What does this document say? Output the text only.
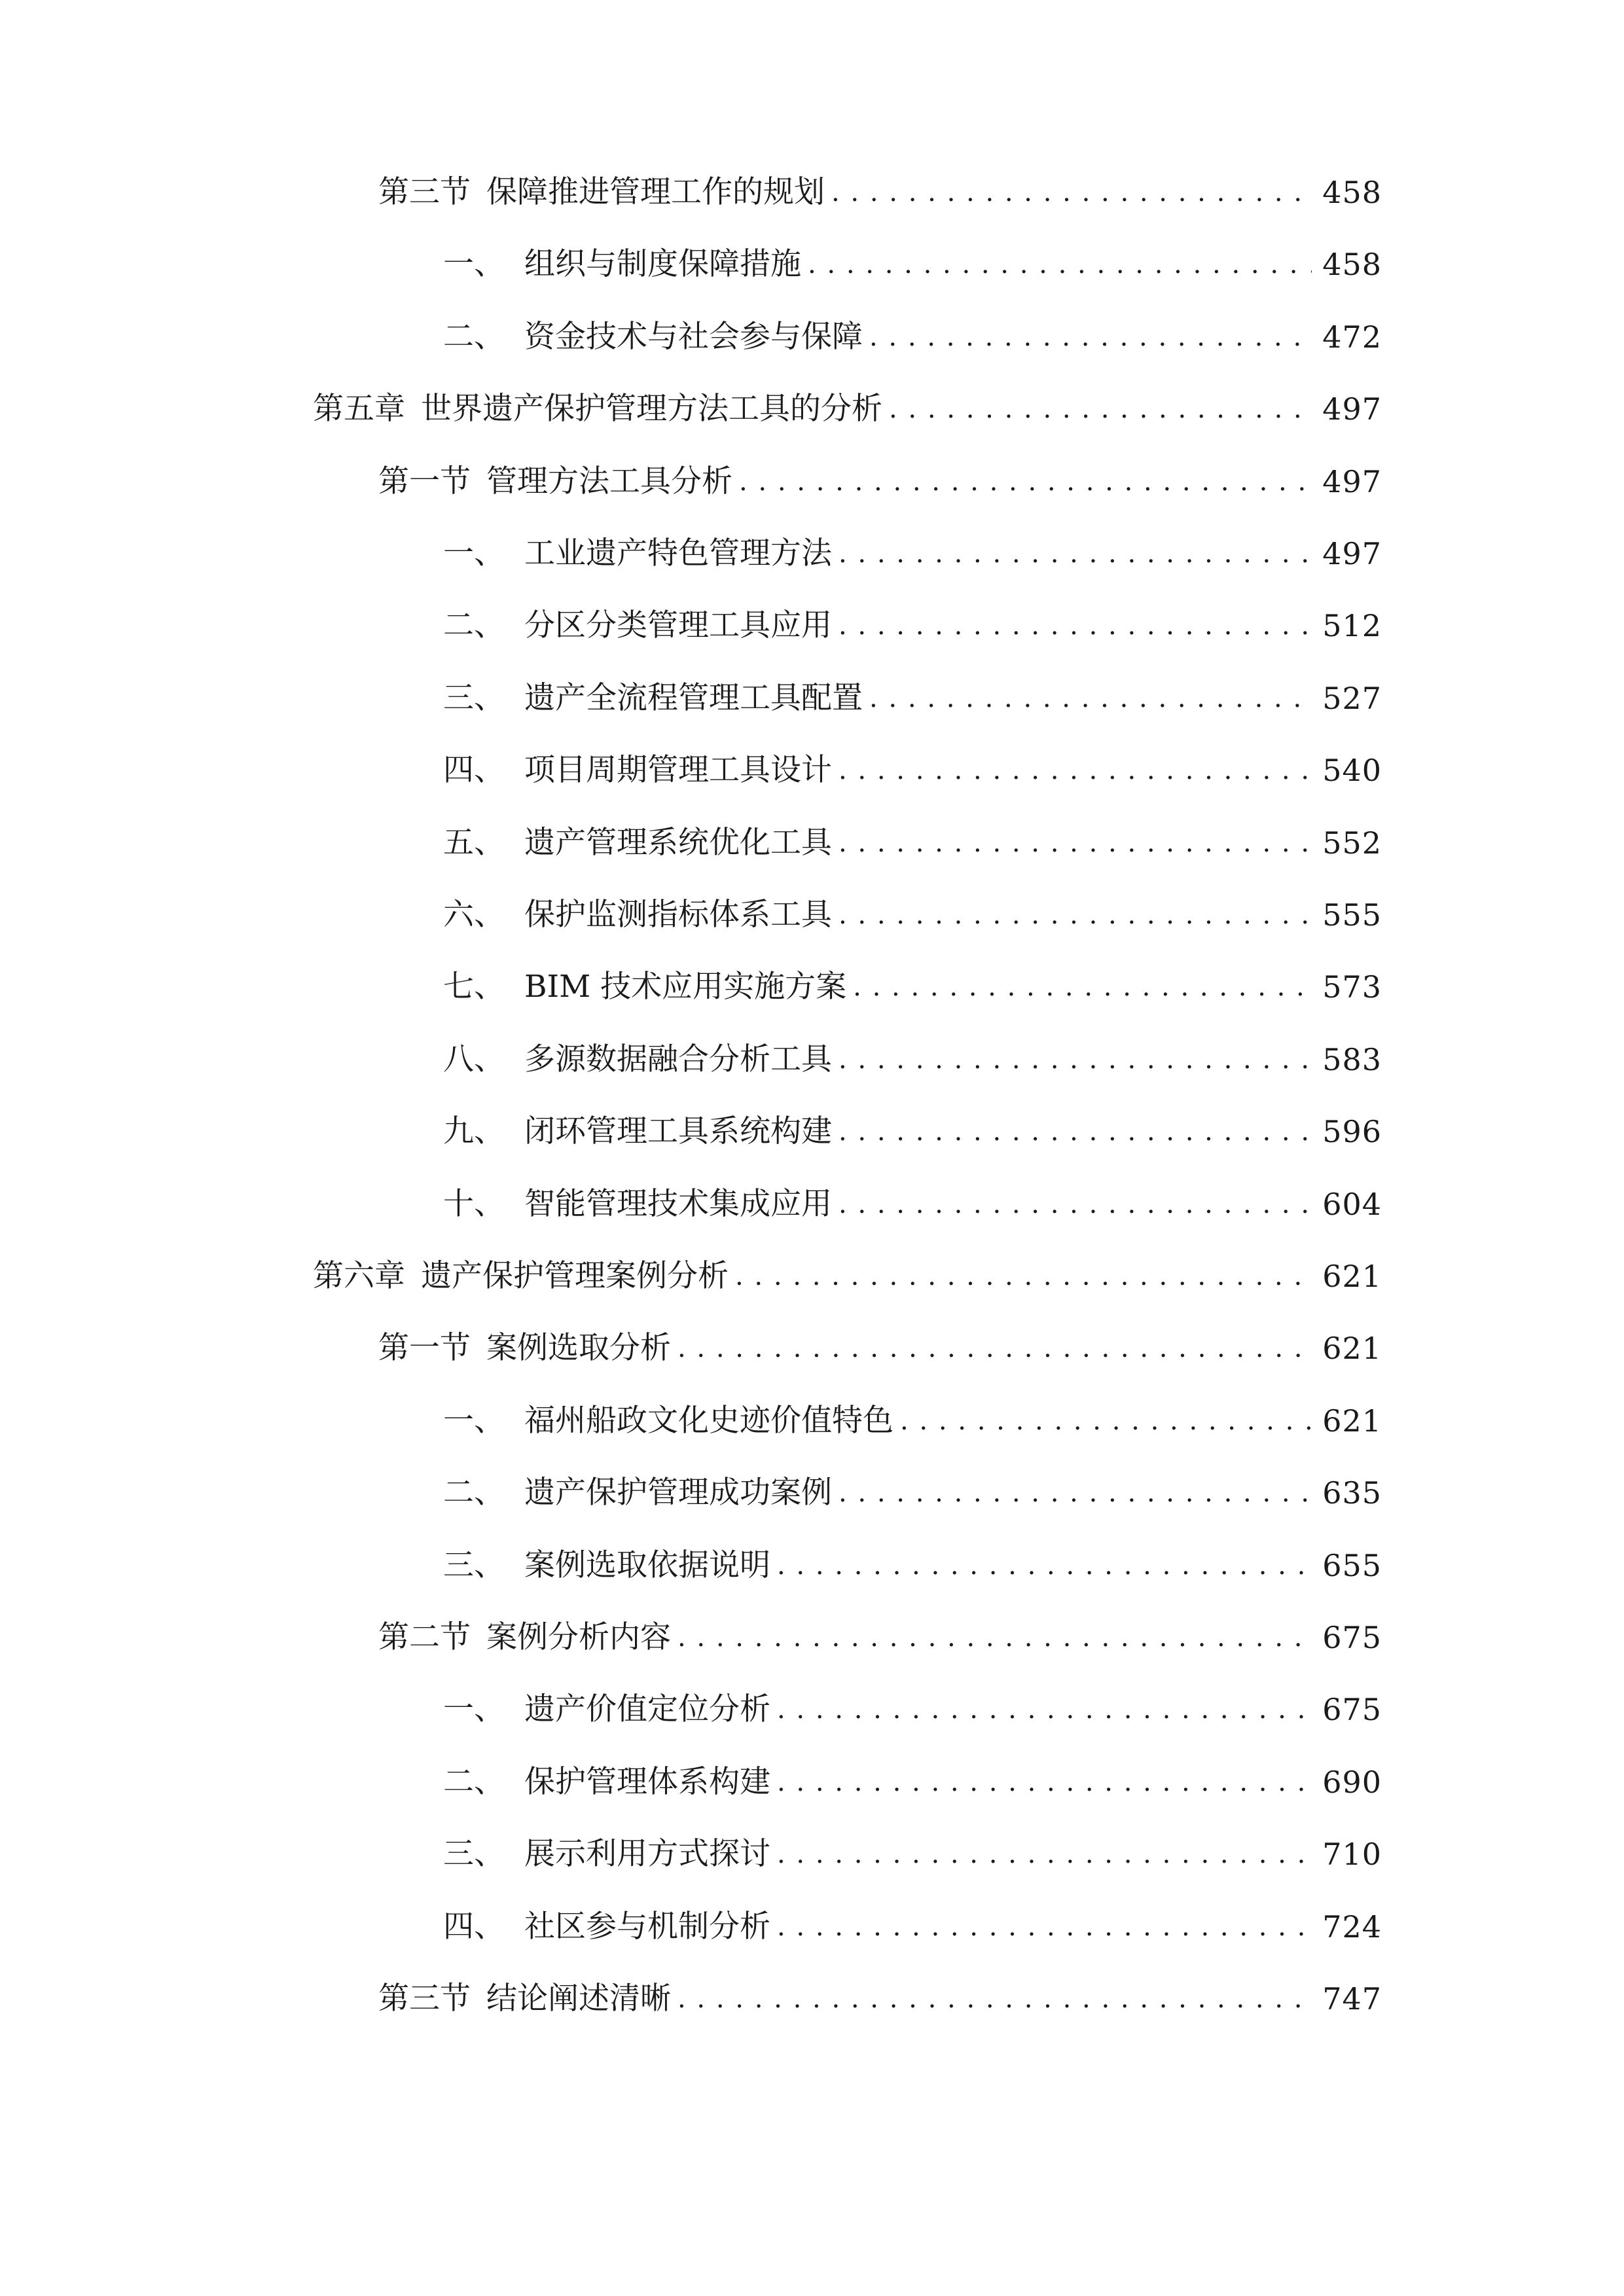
第三节 保障推进管理工作的规划 . . .	458
一、 组织与制度保障措施 . . .	458
二、 资金技术与社会参与保障 . . .	472
第五章 世界遗产保护管理方法工具的分析 . . .	497
第一节 管理方法工具分析 . . .	497
一、 工业遗产特色管理方法 . . .	497
二、 分区分类管理工具应用 . . .	512
三、 遗产全流程管理工具配置 . . .	527
四、 项目周期管理工具设计 . . .	540
五、 遗产管理系统优化工具 . . .	552
六、 保护监测指标体系工具 . . .	555
七、 BIM 技术应用实施方案 . . .	573
八、 多源数据融合分析工具 . . .	583
九、 闭环管理工具系统构建 . . .	596
十、 智能管理技术集成应用 . . .	604
第六章 遗产保护管理案例分析 . . .	621
第一节 案例选取分析 . . .	621
一、 福州船政文化史迹价值特色 . . .	621
二、 遗产保护管理成功案例 . . .	635
三、 案例选取依据说明 . . .	655
第二节 案例分析内容 . . .	675
一、 遗产价值定位分析 . . .	675
二、 保护管理体系构建 . . .	690
三、 展示利用方式探讨 . . .	710
四、 社区参与机制分析 . . .	724
第三节 结论阐述清晰 . . .	747
